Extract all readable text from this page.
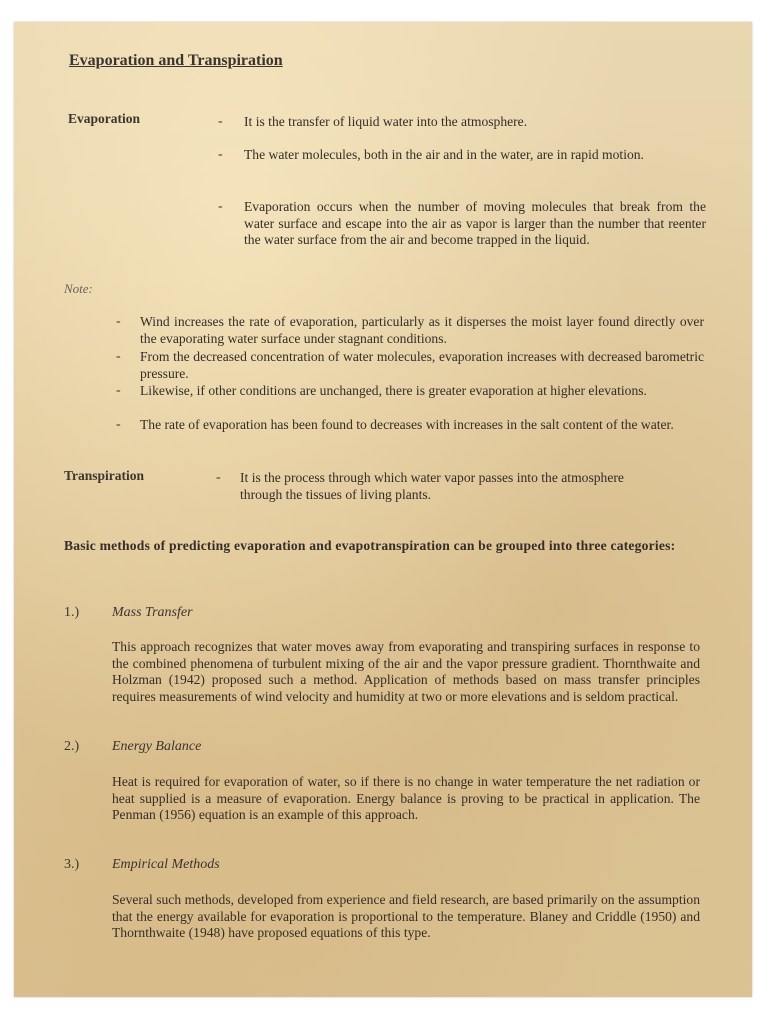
Evaporation and Transpiration
Evaporation	- It is the transfer of liquid water into the atmosphere.

- The water molecules, both in the air and in the water, are in rapid motion.

- Evaporation occurs when the number of moving molecules that break from the water surface and escape into the air as vapor is larger than the number that reenter the water surface from the air and become trapped in the liquid.

Note:
- Wind increases the rate of evaporation, particularly as it disperses the moist layer found directly over the evaporating water surface under stagnant conditions.

- From the decreased concentration of water molecules, evaporation increases with decreased barometric pressure.

- Likewise, if other conditions are unchanged, there is greater evaporation at higher elevations.

- The rate of evaporation has been found to decreases with increases in the salt content of the water.

Transpiration	- It is the process through which water vapor passes into the atmosphere through the tissues of living plants.

Basic methods of predicting evaporation and evapotranspiration can be grouped into three categories:

1.) Mass Transfer

This approach recognizes that water moves away from evaporating and transpiring surfaces in response to the combined phenomena of turbulent mixing of the air and the vapor pressure gradient. Thornthwaite and Holzman (1942) proposed such a method. Application of methods based on mass transfer principles requires measurements of wind velocity and humidity at two or more elevations and is seldom practical.

2.) Energy Balance

Heat is required for evaporation of water, so if there is no change in water temperature the net radiation or heat supplied is a measure of evaporation. Energy balance is proving to be practical in application. The Penman (1956) equation is an example of this approach.

3.) Empirical Methods

Several such methods, developed from experience and field research, are based primarily on the assumption that the energy available for evaporation is proportional to the temperature. Blaney and Criddle (1950) and Thornthwaite (1948) have proposed equations of this type.
